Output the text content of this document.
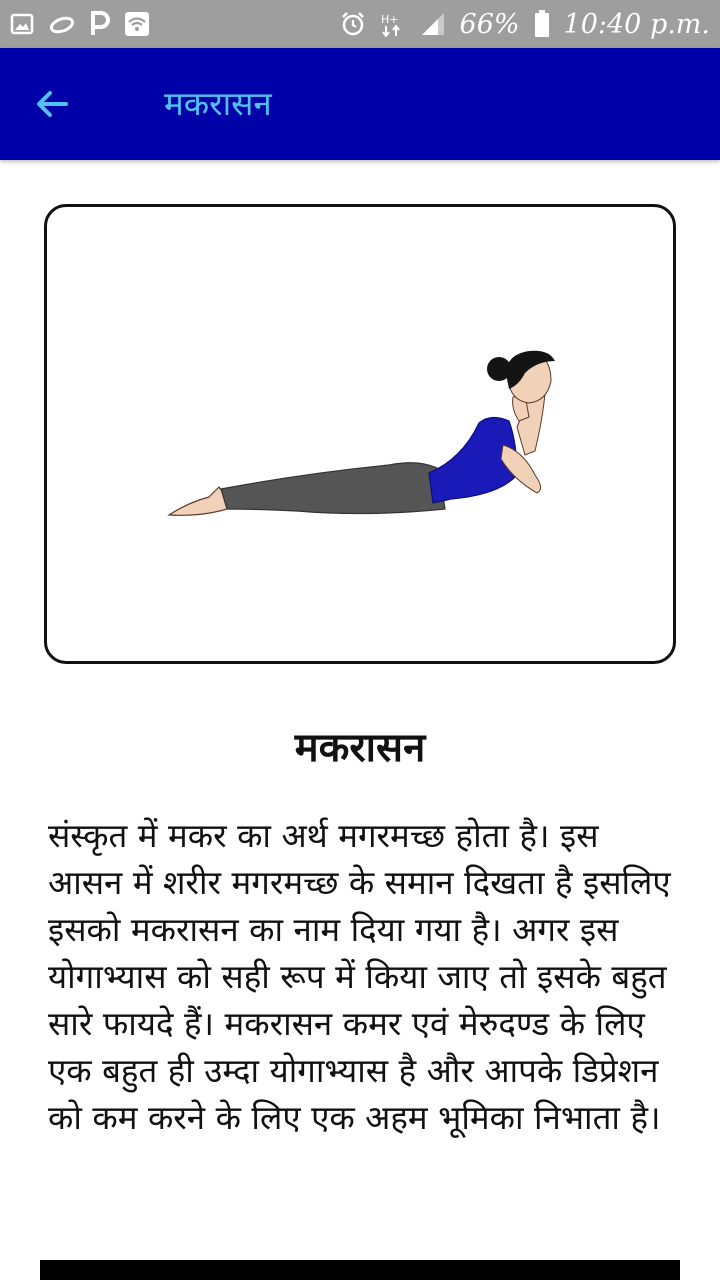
H+ 66% 10:40 p.m.
मकरासन
मकरासन

संस्कृत में मकर का अर्थ मगरमच्छ होता है। इस आसन में शरीर मगरमच्छ के समान दिखता है इसलिए इसको मकरासन का नाम दिया गया है। अगर इस योगाभ्यास को सही रूप में किया जाए तो इसके बहुत सारे फायदे हैं। मकरासन कमर एवं मेरुदण्ड के लिए एक बहुत ही उम्दा योगाभ्यास है और आपके डिप्रेशन को कम करने के लिए एक अहम भूमिका निभाता है।
